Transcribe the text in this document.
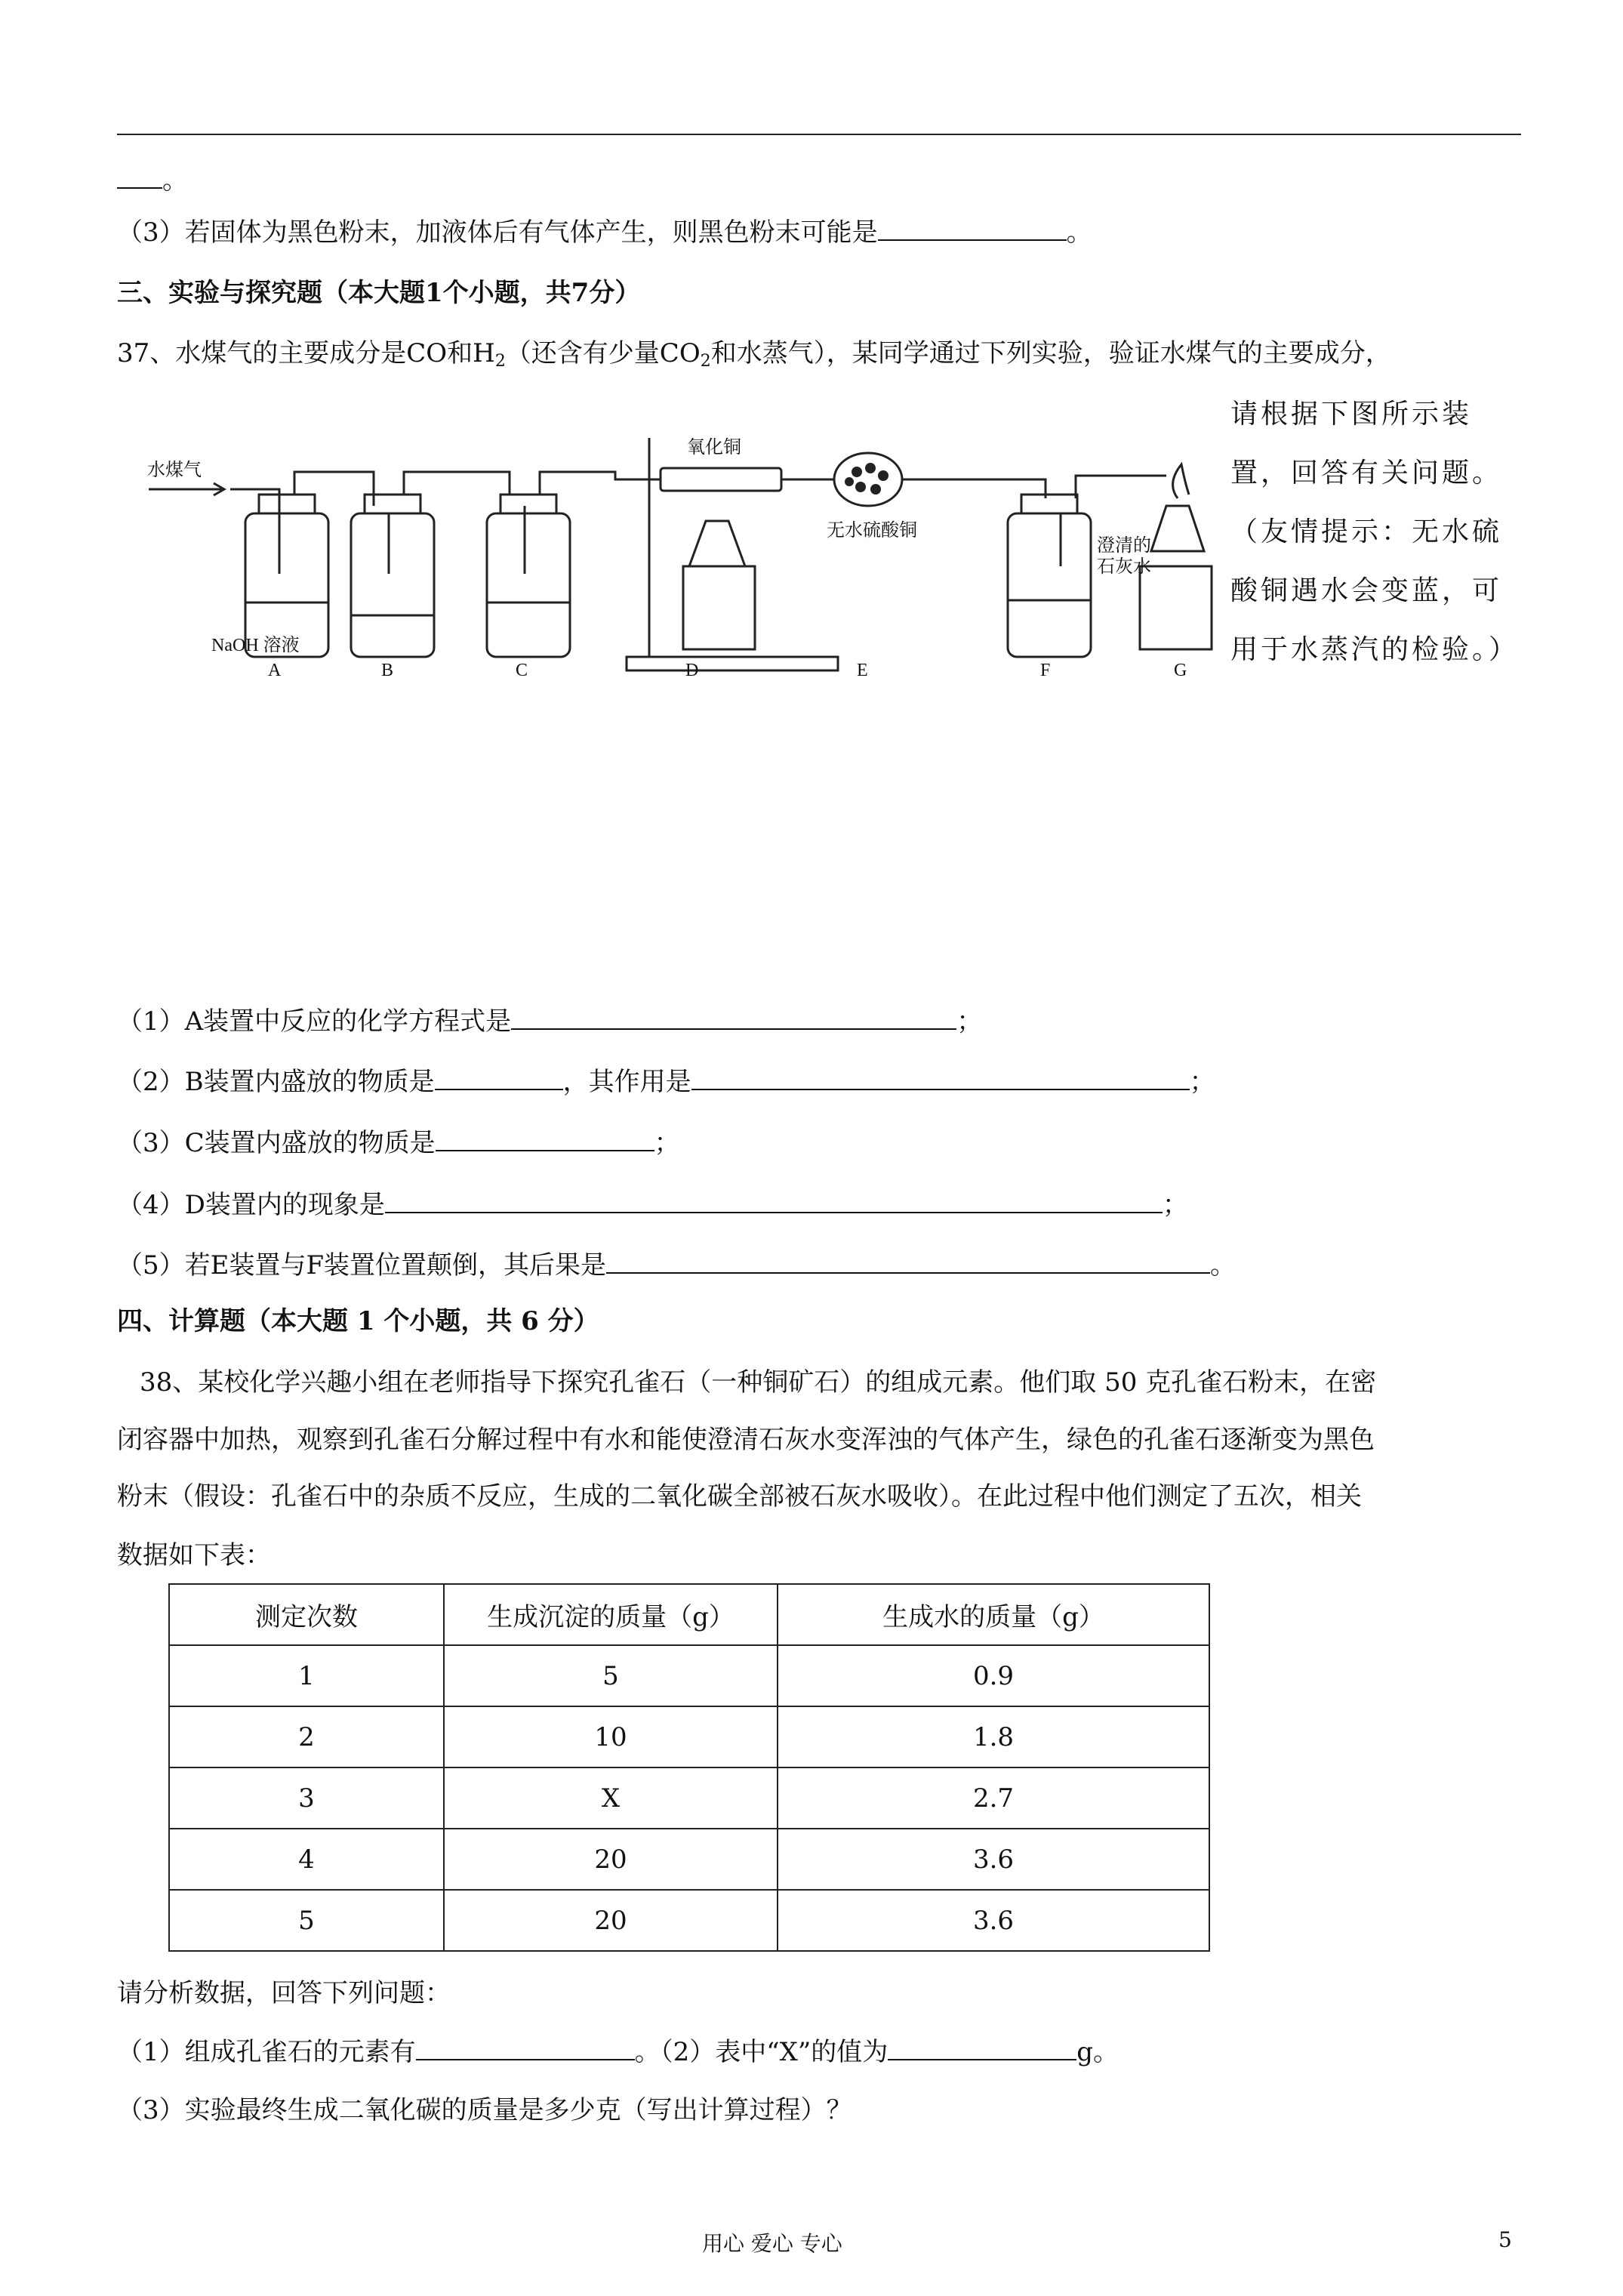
。
（3）若固体为黑色粉末，加液体后有气体产生，则黑色粉末可能是	。
三、实验与探究题（本大题1个小题，共7分）
37、水煤气的主要成分是CO和$H_2$（还含有少量$CO_2$和水蒸气），某同学通过下列实验，验证水煤气的主要成分，
请根据下图所示装置，回答有关问题。（友情提示：无水硫酸铜遇水会变蓝，可用于水蒸汽的检验。）
水煤气
氧化铜
无水硫酸铜
NaOH 溶液
澄清的
石灰水
A	B	C	D	E	F	G
（1）A装置中反应的化学方程式是	；
（2）B装置内盛放的物质是	，其作用是	；
（3）C装置内盛放的物质是	；
（4）D装置内的现象是	；
（5）若E装置与F装置位置颠倒，其后果是	。
四、计算题（本大题 1 个小题，共 6 分）
38、某校化学兴趣小组在老师指导下探究孔雀石（一种铜矿石）的组成元素。他们取 50 克孔雀石粉末，在密
闭容器中加热，观察到孔雀石分解过程中有水和能使澄清石灰水变浑浊的气体产生，绿色的孔雀石逐渐变为黑色
粉末（假设：孔雀石中的杂质不反应，生成的二氧化碳全部被石灰水吸收）。在此过程中他们测定了五次，相关
数据如下表：
测定次数	生成沉淀的质量（g）	生成水的质量（g）
1	5	0.9
2	10	1.8
3	X	2.7
4	20	3.6
5	20	3.6
请分析数据，回答下列问题：
（1）组成孔雀石的元素有	。（2）表中“X”的值为	g。
（3）实验最终生成二氧化碳的质量是多少克（写出计算过程）？
用心 爱心 专心	5
